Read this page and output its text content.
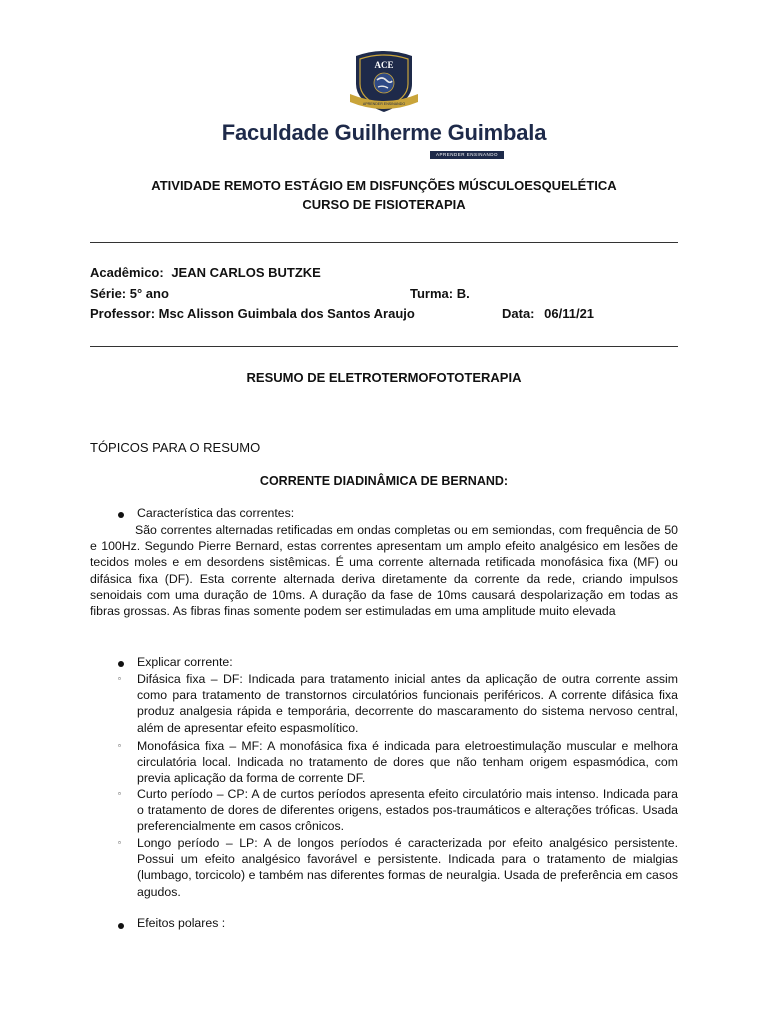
ACE
APRENDER ENSINANDO
Faculdade Guilherme Guimbala
APRENDER ENSINANDO SEMPRE
ATIVIDADE REMOTO ESTÁGIO EM DISFUNÇÕES MÚSCULOESQUELÉTICA
CURSO DE FISIOTERAPIA
Acadêmico: JEAN CARLOS BUTZKE
Série: 5° ano	Turma: B.
Professor: Msc Alisson Guimbala dos Santos Araujo	Data: 06/11/21
RESUMO DE ELETROTERMOFOTOTERAPIA
TÓPICOS PARA O RESUMO
CORRENTE DIADINÂMICA DE BERNAND:
Característica das correntes:
São correntes alternadas retificadas em ondas completas ou em semiondas, com frequência de 50 e 100Hz. Segundo Pierre Bernard, estas correntes apresentam um amplo efeito analgésico em lesões de tecidos moles e em desordens sistêmicas. É uma corrente alternada retificada monofásica fixa (MF) ou difásica fixa (DF). Esta corrente alternada deriva diretamente da corrente da rede, criando impulsos senoidais com uma duração de 10ms. A duração da fase de 10ms causará despolarização em todas as fibras grossas. As fibras finas somente podem ser estimuladas em uma amplitude muito elevada
Explicar corrente:
▫ Difásica fixa – DF: Indicada para tratamento inicial antes da aplicação de outra corrente assim como para tratamento de transtornos circulatórios funcionais periféricos. A corrente difásica fixa produz analgesia rápida e temporária, decorrente do mascaramento do sistema nervoso central, além de apresentar efeito espasmolítico.
▫ Monofásica fixa – MF: A monofásica fixa é indicada para eletroestimulação muscular e melhora circulatória local. Indicada no tratamento de dores que não tenham origem espasmódica, com previa aplicação da forma de corrente DF.
▫ Curto período – CP: A de curtos períodos apresenta efeito circulatório mais intenso. Indicada para o tratamento de dores de diferentes origens, estados pos-traumáticos e alterações tróficas. Usada preferencialmente em casos crônicos.
▫ Longo período – LP: A de longos períodos é caracterizada por efeito analgésico persistente. Possui um efeito analgésico favorável e persistente. Indicada para o tratamento de mialgias (lumbago, torcicolo) e também nas diferentes formas de neuralgia. Usada de preferência em casos agudos.
Efeitos polares :
